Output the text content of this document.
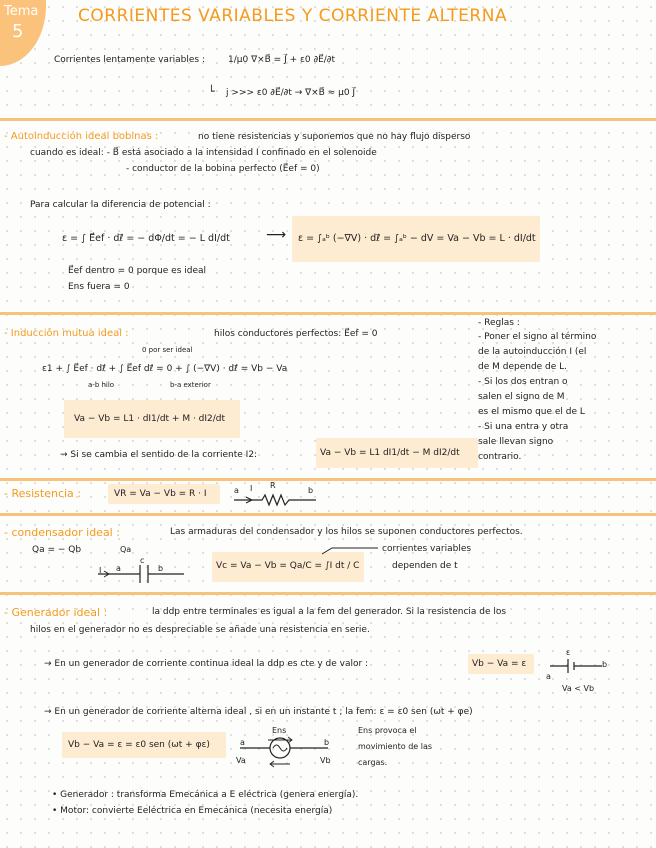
Tema
5
CORRIENTES VARIABLES Y CORRIENTE ALTERNA
Corrientes lentamente variables :	1/μ0 ∇×B⃗ = J⃗ + ε0 ∂E⃗/∂t
└ j >>> ε0 ∂E⃗/∂t → ∇×B⃗ ≈ μ0 J⃗
- Autoinducción ideal bobinas :	no tiene resistencias y suponemos que no hay flujo disperso
cuando es ideal: - B⃗ está asociado a la intensidad I confinado en el solenoide
- conductor de la bobina perfecto (E⃗ef = 0)
Para calcular la diferencia de potencial :
ε = ∫ E⃗ef · dℓ⃗ = − dΦ/dt = − L dI/dt	⟶ ε = ∫ₐᵇ (−∇V) · dℓ⃗ = ∫ₐᵇ − dV = Va − Vb = L · dI/dt
E⃗ef dentro = 0 porque es ideal
Ens fuera = 0
- Inducción mutua ideal :	hilos conductores perfectos: E⃗ef = 0
0 por ser ideal
ε1 + ∫ E⃗ef · dℓ⃗ + ∫ E⃗ef dℓ⃗ = 0 + ∫ (−∇V) · dℓ⃗ = Vb − Va
a-b hilo	b-a exterior
Va − Vb = L1 · dI1/dt + M · dI2/dt
→ Si se cambia el sentido de la corriente I2:	Va − Vb = L1 dI1/dt − M dI2/dt
- Reglas :
- Poner el signo al término
de la autoinducción I (el
de M depende de L.
- Si los dos entran o
salen el signo de M
es el mismo que el de L
- Si una entra y otra
sale llevan signo
contrario.
- Resistencia :	VR = Va − Vb = R · I	a I R
b
- condensador ideal :	Las armaduras del condensador y los hilos se suponen conductores perfectos.
Qa = − Qb	Qa
c
I a	b	Vc = Va − Vb = Qa/C = ∫I dt / C
corrientes variables
dependen de t
- Generador ideal :	la ddp entre terminales es igual a la fem del generador. Si la resistencia de los
hilos en el generador no es despreciable se añade una resistencia en serie.
→ En un generador de corriente continua ideal la ddp es cte y de valor :	Vb − Va = ε
ε
a
b
Va < Vb
→ En un generador de corriente alterna ideal , si en un instante t ; la fem: ε = ε0 sen (ωt + φe)
Vb − Va = ε = ε0 sen (ωt + φε)
Ens
a	b
Va	Vb
Ens provoca el
movimiento de las
cargas.
• Generador : transforma Emecánica a E eléctrica (genera energía).
• Motor: convierte Eeléctrica en Emecánica (necesita energía)
